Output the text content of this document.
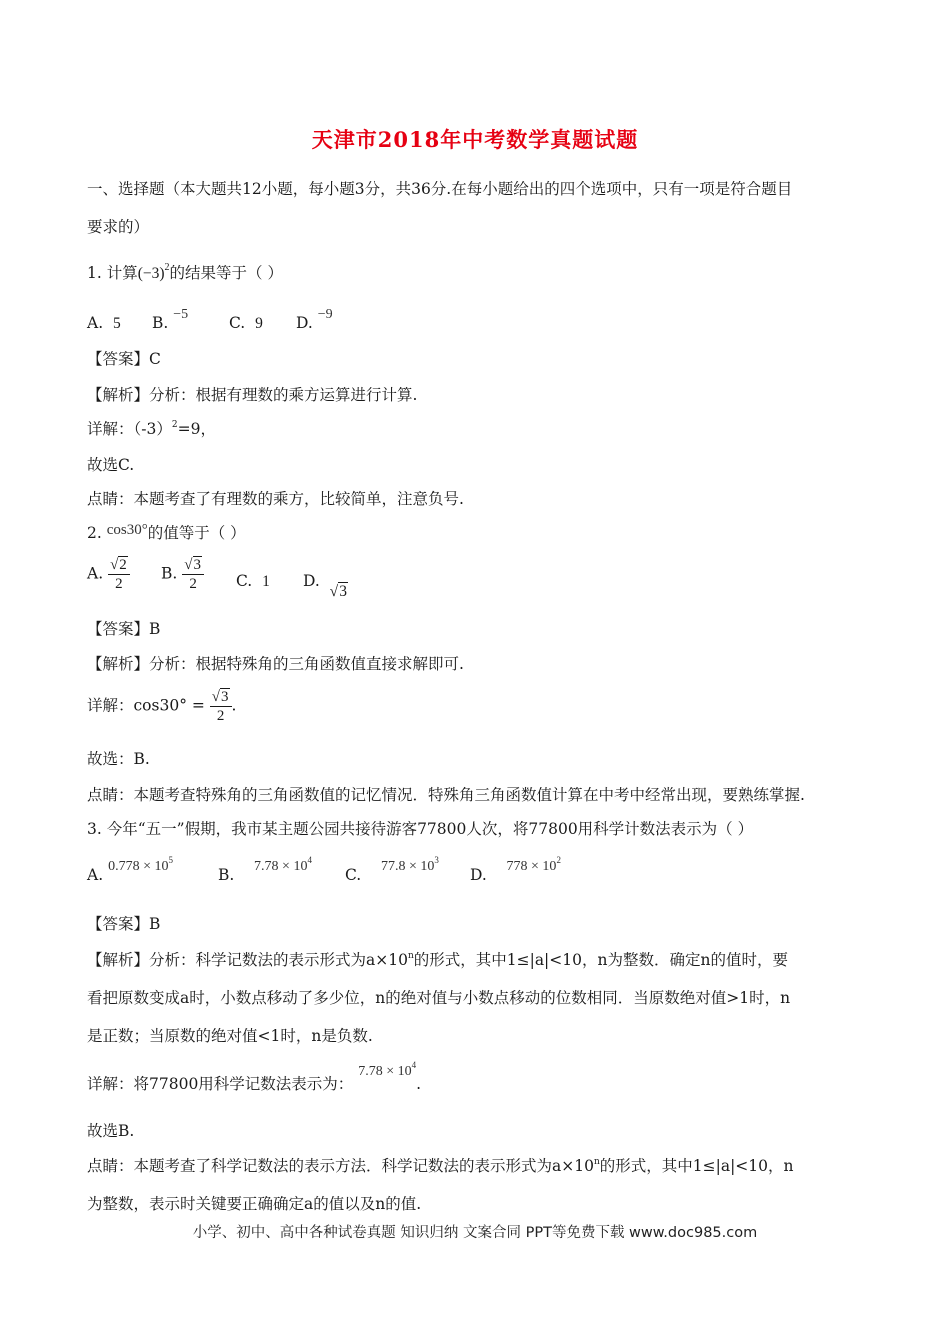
天津市2018年中考数学真题试题
一、选择题（本大题共12小题，每小题3分，共36分.在每小题给出的四个选项中，只有一项是符合题目
要求的）
1. 计算$(-3)^2$的结果等于（ ）
A. 5 B. −5	C. 9 D. −9
【答案】C
【解析】分析：根据有理数的乘方运算进行计算.
详解：$(-3)^2=9$，
故选C.
点睛：本题考查了有理数的乘方，比较简单，注意负号.
2. cos30°的值等于（ ）
A. $\frac{√2}{2} B$. $\frac{√3}{2} C$. 1 D.  √3
【答案】B
【解析】分析：根据特殊角的三角函数值直接求解即可.
详解：$\cos 30^\circ = \frac{√3}{2}$ .
故选：B.
点睛：本题考查特殊角的三角函数值的记忆情况．特殊角三角函数值计算在中考中经常出现，要熟练掌握.
3. 今年“五一”假期，我市某主题公园共接待游客77800人次，将77800用科学计数法表示为（ ）
A. $0.778 \times 10^5$
B. $7.78 \times 10^4$
C. $77.8 \times 10^3$
D. $778 \times 10^2$
【答案】B
【解析】分析：科学记数法的表示形式为$a\times 10^n$的形式，其中1≤|a|<10，n为整数．确定n的值时，要
看把原数变成a时，小数点移动了多少位，n的绝对值与小数点移动的位数相同．当原数绝对值>1时，n
是正数；当原数的绝对值<1时，n是负数.
详解：将77800用科学记数法表示为： $7.78 \times 10^4$.
故选B.
点睛：本题考查了科学记数法的表示方法．科学记数法的表示形式为$a\times 10^n$的形式，其中1≤|a|<10，n
为整数，表示时关键要正确确定a的值以及n的值.
小学、初中、高中各种试卷真题 知识归纳 文案合同 PPT等免费下载 www.doc985.com
